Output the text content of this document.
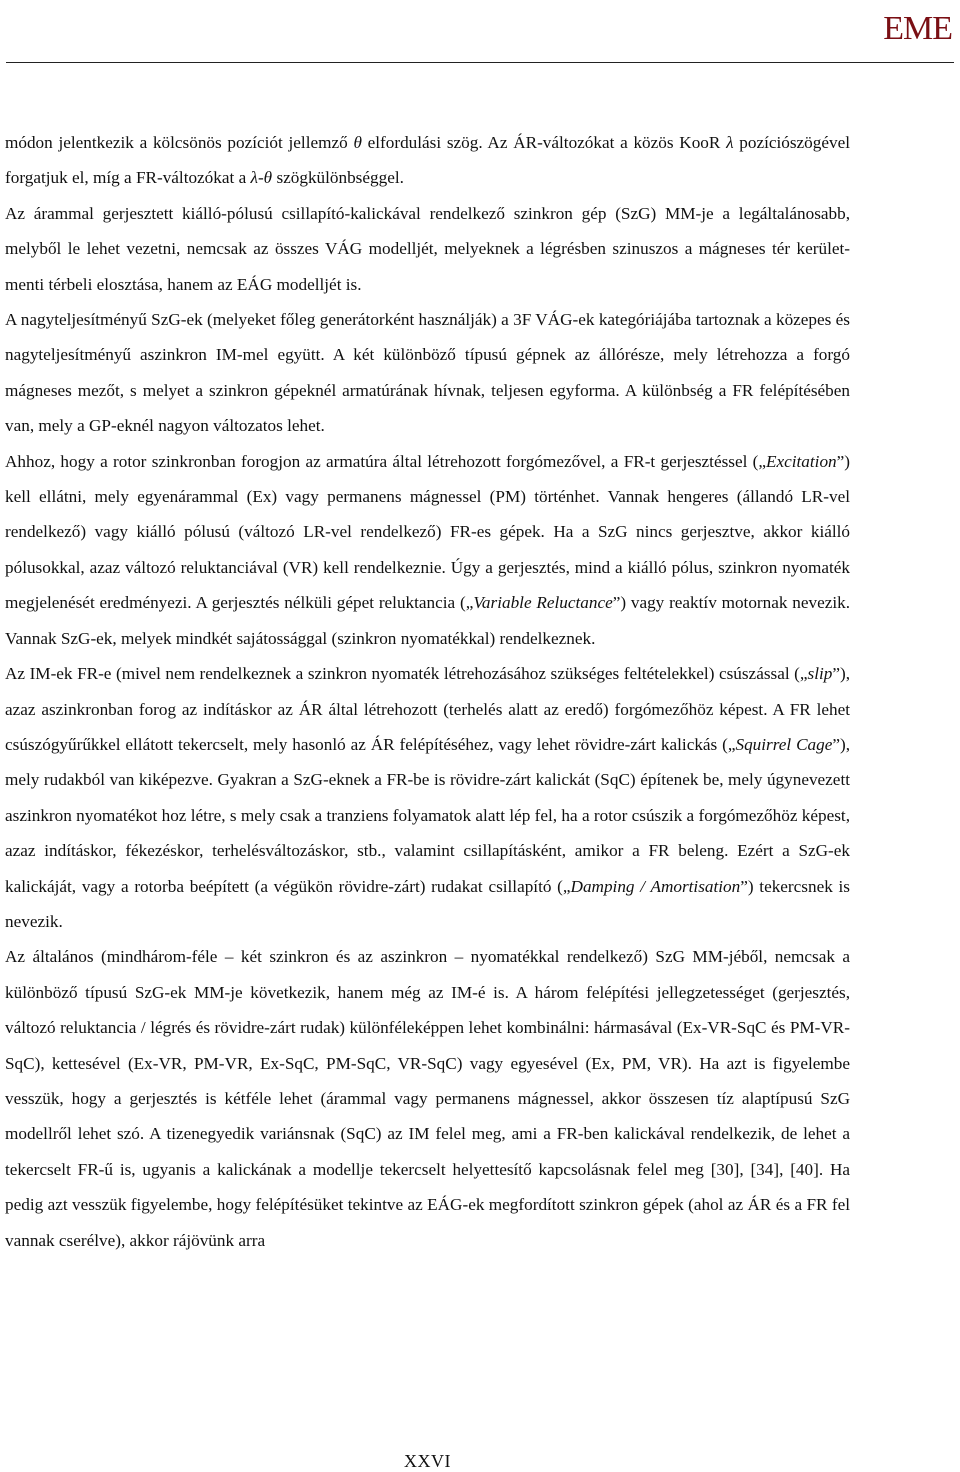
EME

módon jelentkezik a kölcsönös pozíciót jellemző θ elfordulási szög. Az ÁR-változókat a közös KooR λ pozíciószögével forgatjuk el, míg a FR-változókat a λ-θ szögkülönbséggel.

Az árammal gerjesztett kiálló-pólusú csillapító-kalickával rendelkező szinkron gép (SzG) MM-je a legáltalánosabb, melyből le lehet vezetni, nemcsak az összes VÁG modelljét, melyeknek a légrésben szinuszos a mágneses tér kerület-menti térbeli elosztása, hanem az EÁG modelljét is.

A nagyteljesítményű SzG-ek (melyeket főleg generátorként használják) a 3F VÁG-ek kategóriájába tartoznak a közepes és nagyteljesítményű aszinkron IM-mel együtt. A két különböző típusú gépnek az állórésze, mely létrehozza a forgó mágneses mezőt, s melyet a szinkron gépeknél armatúrának hívnak, teljesen egyforma. A különbség a FR felépítésében van, mely a GP-eknél nagyon változatos lehet.

Ahhoz, hogy a rotor szinkronban forogjon az armatúra által létrehozott forgómezővel, a FR-t gerjesztéssel („Excitation”) kell ellátni, mely egyenárammal (Ex) vagy permanens mágnessel (PM) történhet. Vannak hengeres (állandó LR-vel rendelkező) vagy kiálló pólusú (változó LR-vel rendelkező) FR-es gépek. Ha a SzG nincs gerjesztve, akkor kiálló pólusokkal, azaz változó reluktanciával (VR) kell rendelkeznie. Úgy a gerjesztés, mind a kiálló pólus, szinkron nyomaték megjelenését eredményezi. A gerjesztés nélküli gépet reluktancia („Variable Reluctance”) vagy reaktív motornak nevezik. Vannak SzG-ek, melyek mindkét sajátossággal (szinkron nyomatékkal) rendelkeznek.

Az IM-ek FR-e (mivel nem rendelkeznek a szinkron nyomaték létrehozásához szükséges feltételekkel) csúszással („slip”), azaz aszinkronban forog az indításkor az ÁR által létrehozott (terhelés alatt az eredő) forgómezőhöz képest. A FR lehet csúszógyűrűkkel ellátott tekercselt, mely hasonló az ÁR felépítéséhez, vagy lehet rövidre-zárt kalickás („Squirrel Cage”), mely rudakból van kiképezve. Gyakran a SzG-eknek a FR-be is rövidre-zárt kalickát (SqC) építenek be, mely úgynevezett aszinkron nyomatékot hoz létre, s mely csak a tranziens folyamatok alatt lép fel, ha a rotor csúszik a forgómezőhöz képest, azaz indításkor, fékezéskor, terhelésváltozáskor, stb., valamint csillapításként, amikor a FR beleng. Ezért a SzG-ek kalickáját, vagy a rotorba beépített (a végükön rövidre-zárt) rudakat csillapító („Damping / Amortisation”) tekercsnek is nevezik.

Az általános (mindhárom-féle – két szinkron és az aszinkron – nyomatékkal rendelkező) SzG MM-jéből, nemcsak a különböző típusú SzG-ek MM-je következik, hanem még az IM-é is. A három felépítési jellegzetességet (gerjesztés, változó reluktancia / légrés és rövidre-zárt rudak) különféleképpen lehet kombinálni: hármasával (Ex-VR-SqC és PM-VR-SqC), kettesével (Ex-VR, PM-VR, Ex-SqC, PM-SqC, VR-SqC) vagy egyesével (Ex, PM, VR). Ha azt is figyelembe vesszük, hogy a gerjesztés is kétféle lehet (árammal vagy permanens mágnessel, akkor összesen tíz alaptípusú SzG modellről lehet szó. A tizenegyedik variánsnak (SqC) az IM felel meg, ami a FR-ben kalickával rendelkezik, de lehet a tekercselt FR-ű is, ugyanis a kalickának a modellje tekercselt helyettesítő kapcsolásnak felel meg [30], [34], [40]. Ha pedig azt vesszük figyelembe, hogy felépítésüket tekintve az EÁG-ek megfordított szinkron gépek (ahol az ÁR és a FR fel vannak cserélve), akkor rájövünk arra

XXVI
